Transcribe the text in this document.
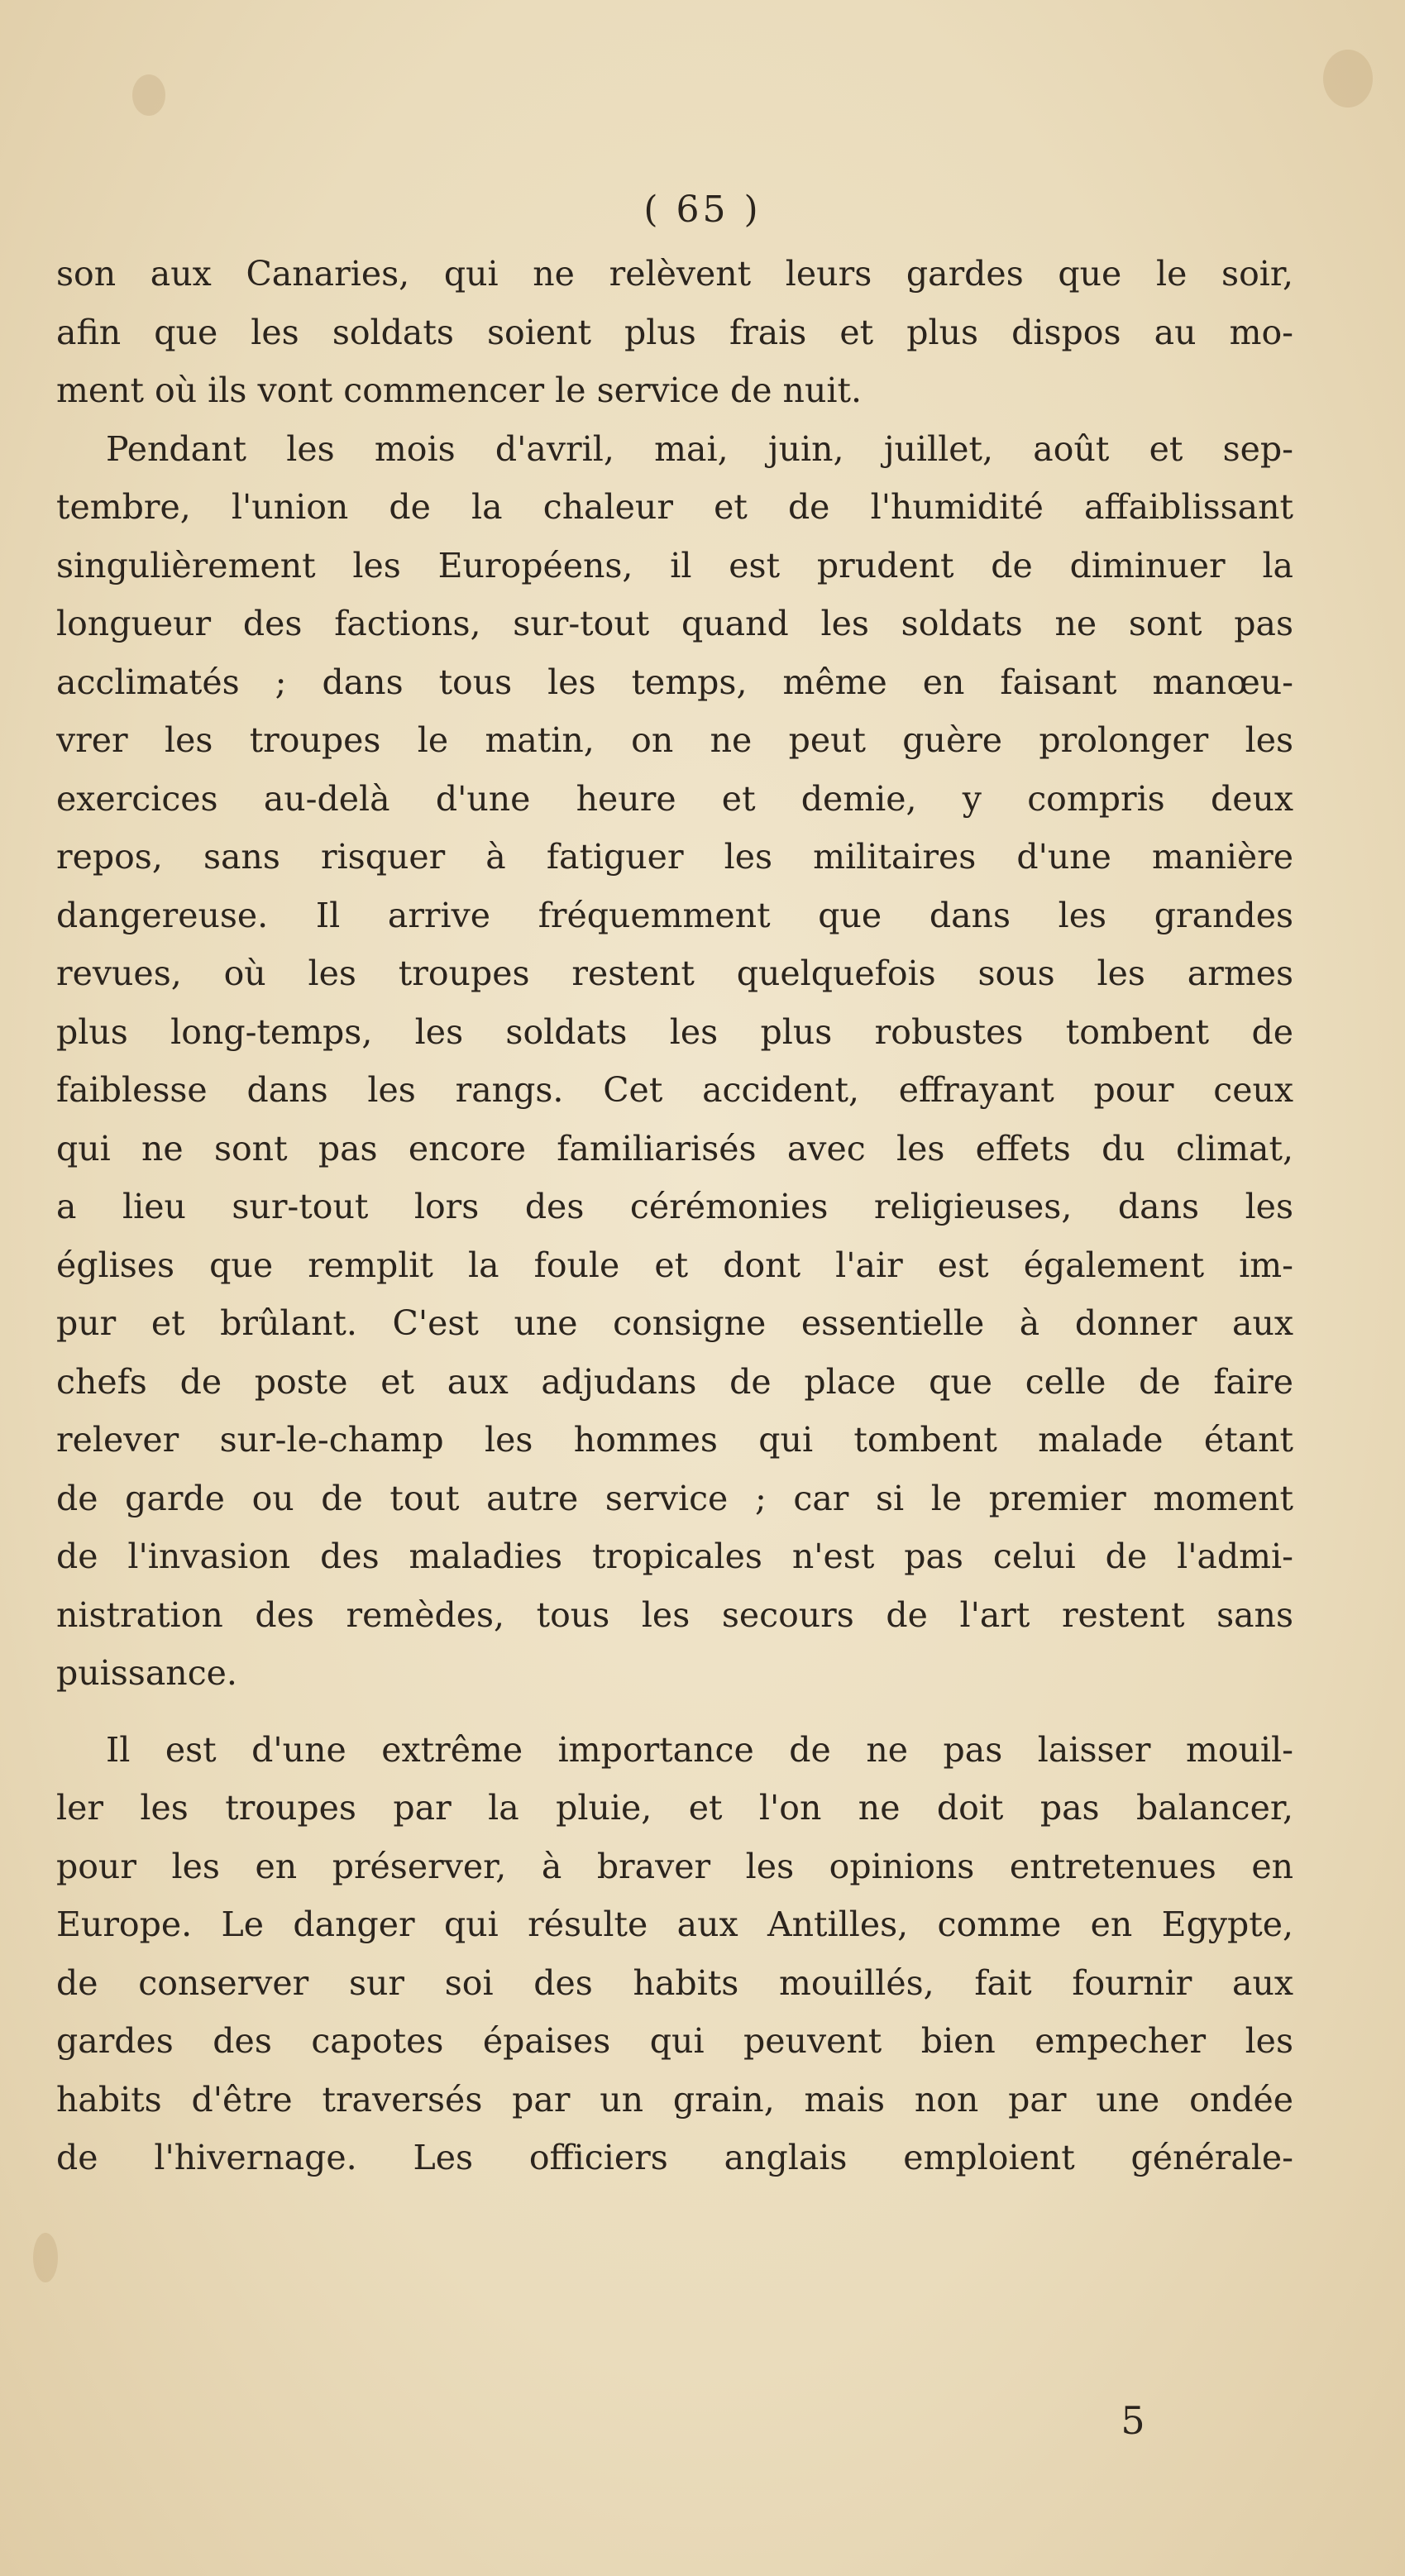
( 65 )
son aux Canaries, qui ne relèvent leurs gardes que le soir,
afin que les soldats soient plus frais et plus dispos au mo-
ment où ils vont commencer le service de nuit.
Pendant les mois d'avril, mai, juin, juillet, août et sep-
tembre, l'union de la chaleur et de l'humidité affaiblissant
singulièrement les Européens, il est prudent de diminuer la
longueur des factions, sur-tout quand les soldats ne sont pas
acclimatés ; dans tous les temps, même en faisant manœu-
vrer les troupes le matin, on ne peut guère prolonger les
exercices au-delà d'une heure et demie, y compris deux
repos, sans risquer à fatiguer les militaires d'une manière
dangereuse. Il arrive fréquemment que dans les grandes
revues, où les troupes restent quelquefois sous les armes
plus long-temps, les soldats les plus robustes tombent de
faiblesse dans les rangs. Cet accident, effrayant pour ceux
qui ne sont pas encore familiarisés avec les effets du climat,
a lieu sur-tout lors des cérémonies religieuses, dans les
églises que remplit la foule et dont l'air est également im-
pur et brûlant. C'est une consigne essentielle à donner aux
chefs de poste et aux adjudans de place que celle de faire
relever sur-le-champ les hommes qui tombent malade étant
de garde ou de tout autre service ; car si le premier moment
de l'invasion des maladies tropicales n'est pas celui de l'admi-
nistration des remèdes, tous les secours de l'art restent sans
puissance.
Il est d'une extrême importance de ne pas laisser mouil-
ler les troupes par la pluie, et l'on ne doit pas balancer,
pour les en préserver, à braver les opinions entretenues en
Europe. Le danger qui résulte aux Antilles, comme en Egypte,
de conserver sur soi des habits mouillés, fait fournir aux
gardes des capotes épaises qui peuvent bien empecher les
habits d'être traversés par un grain, mais non par une ondée
de l'hivernage. Les officiers anglais emploient générale-
5
